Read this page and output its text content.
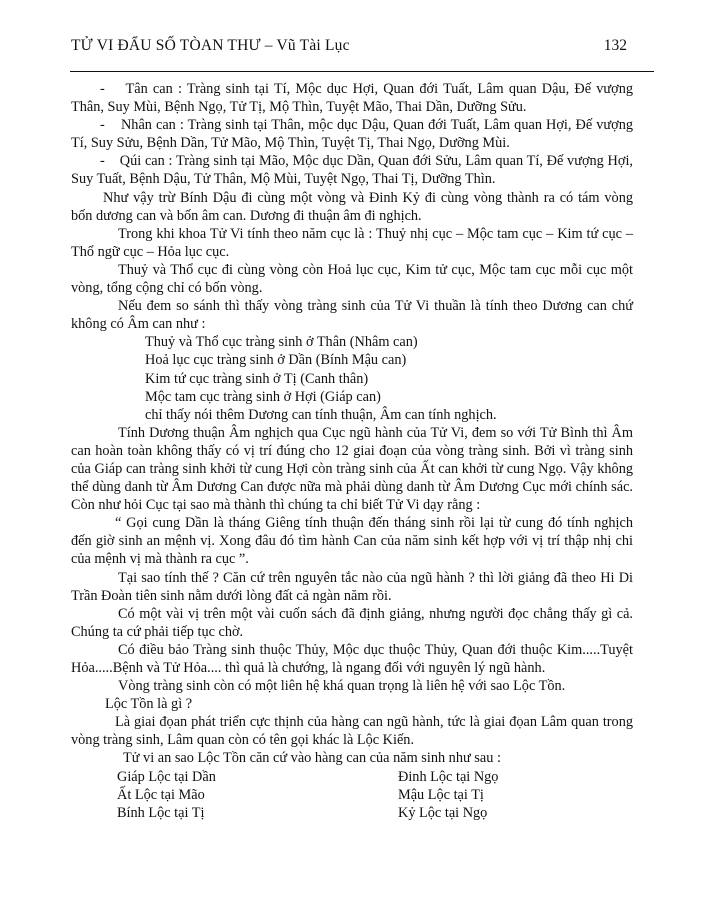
TỬ VI ĐẨU SỐ TÒAN THƯ – Vũ Tài Lục	132

-    Tân can : Tràng sinh tại Tí, Mộc dục Hợi, Quan đới Tuất, Lâm quan Dậu, Đế vượng Thân, Suy Mùi, Bệnh Ngọ, Tử Tị, Mộ Thìn, Tuyệt Mão, Thai Dần, Dưỡng Sửu.

-    Nhân can : Tràng sinh tại Thân, mộc dục Dậu, Quan đới Tuất, Lâm quan Hợi, Đế vượng Tí, Suy Sửu, Bệnh Dần, Tử Mão, Mộ Thìn, Tuyệt Tị, Thai Ngọ, Dưỡng Mùi.

-    Qúi can : Tràng sinh tại Mão, Mộc dục Dần, Quan đới Sửu, Lâm quan Tí, Đế vượng Hợi, Suy Tuất, Bệnh Dậu, Tử Thân, Mộ Mùi, Tuyệt Ngọ, Thai Tị, Dưỡng Thìn.

Như vậy trừ Bính Dậu đi cùng một vòng và Đinh Kỷ đi cùng vòng thành ra có tám vòng bốn dương can và bốn âm can. Dương đi thuận âm đi nghịch.

Trong khi khoa Tử Vi tính theo năm cục là : Thuỷ nhị cục – Mộc tam cục – Kim tứ cục – Thổ ngữ cục – Hỏa lục cục.

Thuỷ và Thổ cục đi cùng vòng còn Hoả lục cục, Kim tử cục, Mộc tam cục mỗi cục một vòng, tổng cộng chỉ có bốn vòng.

Nếu đem so sánh thì thấy vòng tràng sinh của Tử Vi thuần là tính theo Dương can chứ không có Âm can như :

Thuỷ và Thổ cục tràng sinh ở Thân (Nhâm can)
Hoả lục cục tràng sinh ở Dần (Bính Mậu can)
Kim tứ cục tràng sinh ở Tị (Canh thân)
Mộc tam cục tràng sinh ở Hợi (Giáp can)
chỉ thấy nói thêm Dương can tính thuận, Âm can tính nghịch.

Tính Dương thuận Âm nghịch qua Cục ngũ hành của Tử Vi, đem so với Tử Bình thì Âm can hoàn toàn không thấy có vị trí đúng cho 12 giai đoạn của vòng tràng sinh. Bởi vì tràng sinh của Giáp can tràng sinh khởi từ cung Hợi còn tràng sinh của Ất can khởi từ cung Ngọ. Vậy không thể dùng danh từ Âm Dương Can được nữa mà phải dùng danh từ Âm Dương Cục mới chính sác. Còn như hỏi Cục tại sao mà thành thì chúng ta chỉ biết Tử Vi dạy rằng :

“ Gọi cung Dần là tháng Giêng tính thuận đến tháng sinh rồi lại từ cung đó tính nghịch đến giờ sinh an mệnh vị. Xong đâu đó tìm hành Can của năm sinh kết hợp với vị trí thập nhị chi của mệnh vị mà thành ra cục ”.

Tại sao tính thế ? Căn cứ trên nguyên tắc nào của ngũ hành ? thì lời giảng đã theo Hi Di Trần Đoàn tiên sinh nằm dưới lòng đất cả ngàn năm rồi.

Có một vài vị trên một vài cuốn sách đã định giảng, nhưng người đọc chẳng thấy gì cả. Chúng ta cứ phải tiếp tục chờ.

Có điều bảo Tràng sinh thuộc Thủy, Mộc dục thuộc Thủy, Quan đới thuộc Kim.....Tuyệt Hỏa.....Bệnh và Tử Hỏa.... thì quả là chướng, là ngang đối với nguyên lý ngũ hành.

Vòng tràng sinh còn có một liên hệ khá quan trọng là liên hệ với sao Lộc Tồn.

Lộc Tồn là gì ?

Là giai đọan phát triển cực thịnh của hàng can ngũ hành, tức là giai đọan Lâm quan trong vòng tràng sinh, Lâm quan còn có tên gọi khác là Lộc Kiến.

Tử vi an sao Lộc Tồn căn cứ vào hàng can của năm sinh như sau :

Giáp Lộc tại Dần	Đinh Lộc tại Ngọ
Ất Lộc tại Mão	Mậu Lộc tại Tị
Bính Lộc tại Tị	Kỷ Lộc tại Ngọ
